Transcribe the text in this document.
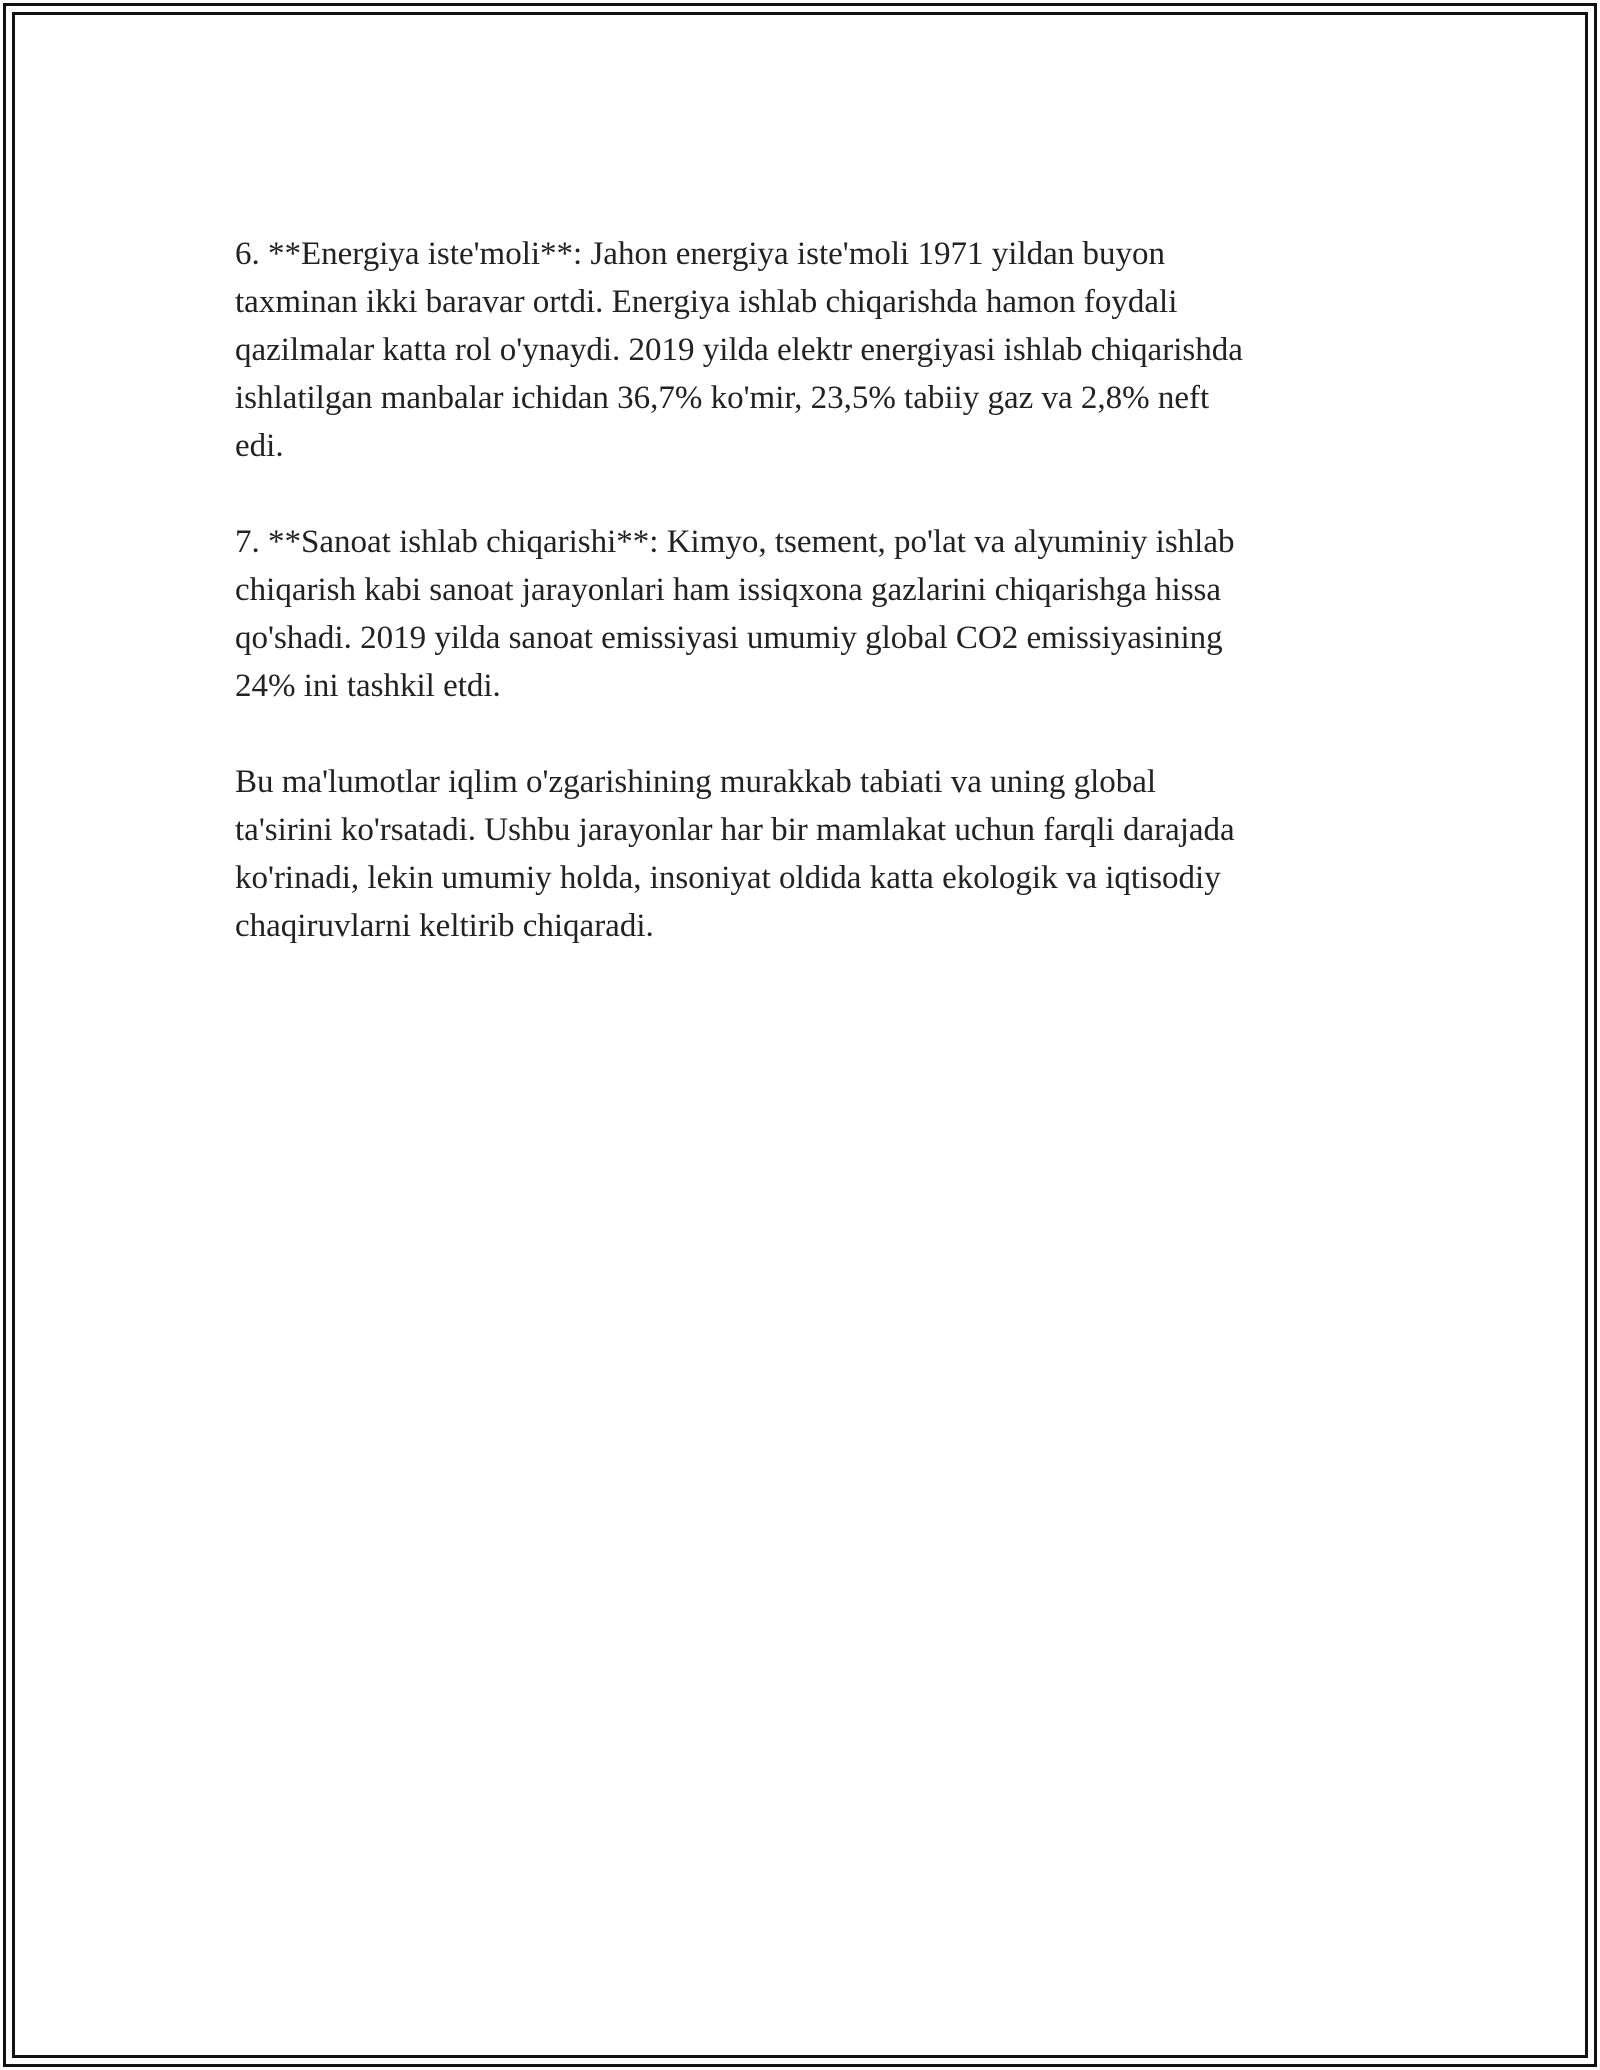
6. **Energiya iste'moli**: Jahon energiya iste'moli 1971 yildan buyon
taxminan ikki baravar ortdi. Energiya ishlab chiqarishda hamon foydali
qazilmalar katta rol o'ynaydi. 2019 yilda elektr energiyasi ishlab chiqarishda
ishlatilgan manbalar ichidan 36,7% ko'mir, 23,5% tabiiy gaz va 2,8% neft
edi.

7. **Sanoat ishlab chiqarishi**: Kimyo, tsement, po'lat va alyuminiy ishlab
chiqarish kabi sanoat jarayonlari ham issiqxona gazlarini chiqarishga hissa
qo'shadi. 2019 yilda sanoat emissiyasi umumiy global CO2 emissiyasining
24% ini tashkil etdi.

Bu ma'lumotlar iqlim o'zgarishining murakkab tabiati va uning global
ta'sirini ko'rsatadi. Ushbu jarayonlar har bir mamlakat uchun farqli darajada
ko'rinadi, lekin umumiy holda, insoniyat oldida katta ekologik va iqtisodiy
chaqiruvlarni keltirib chiqaradi.
